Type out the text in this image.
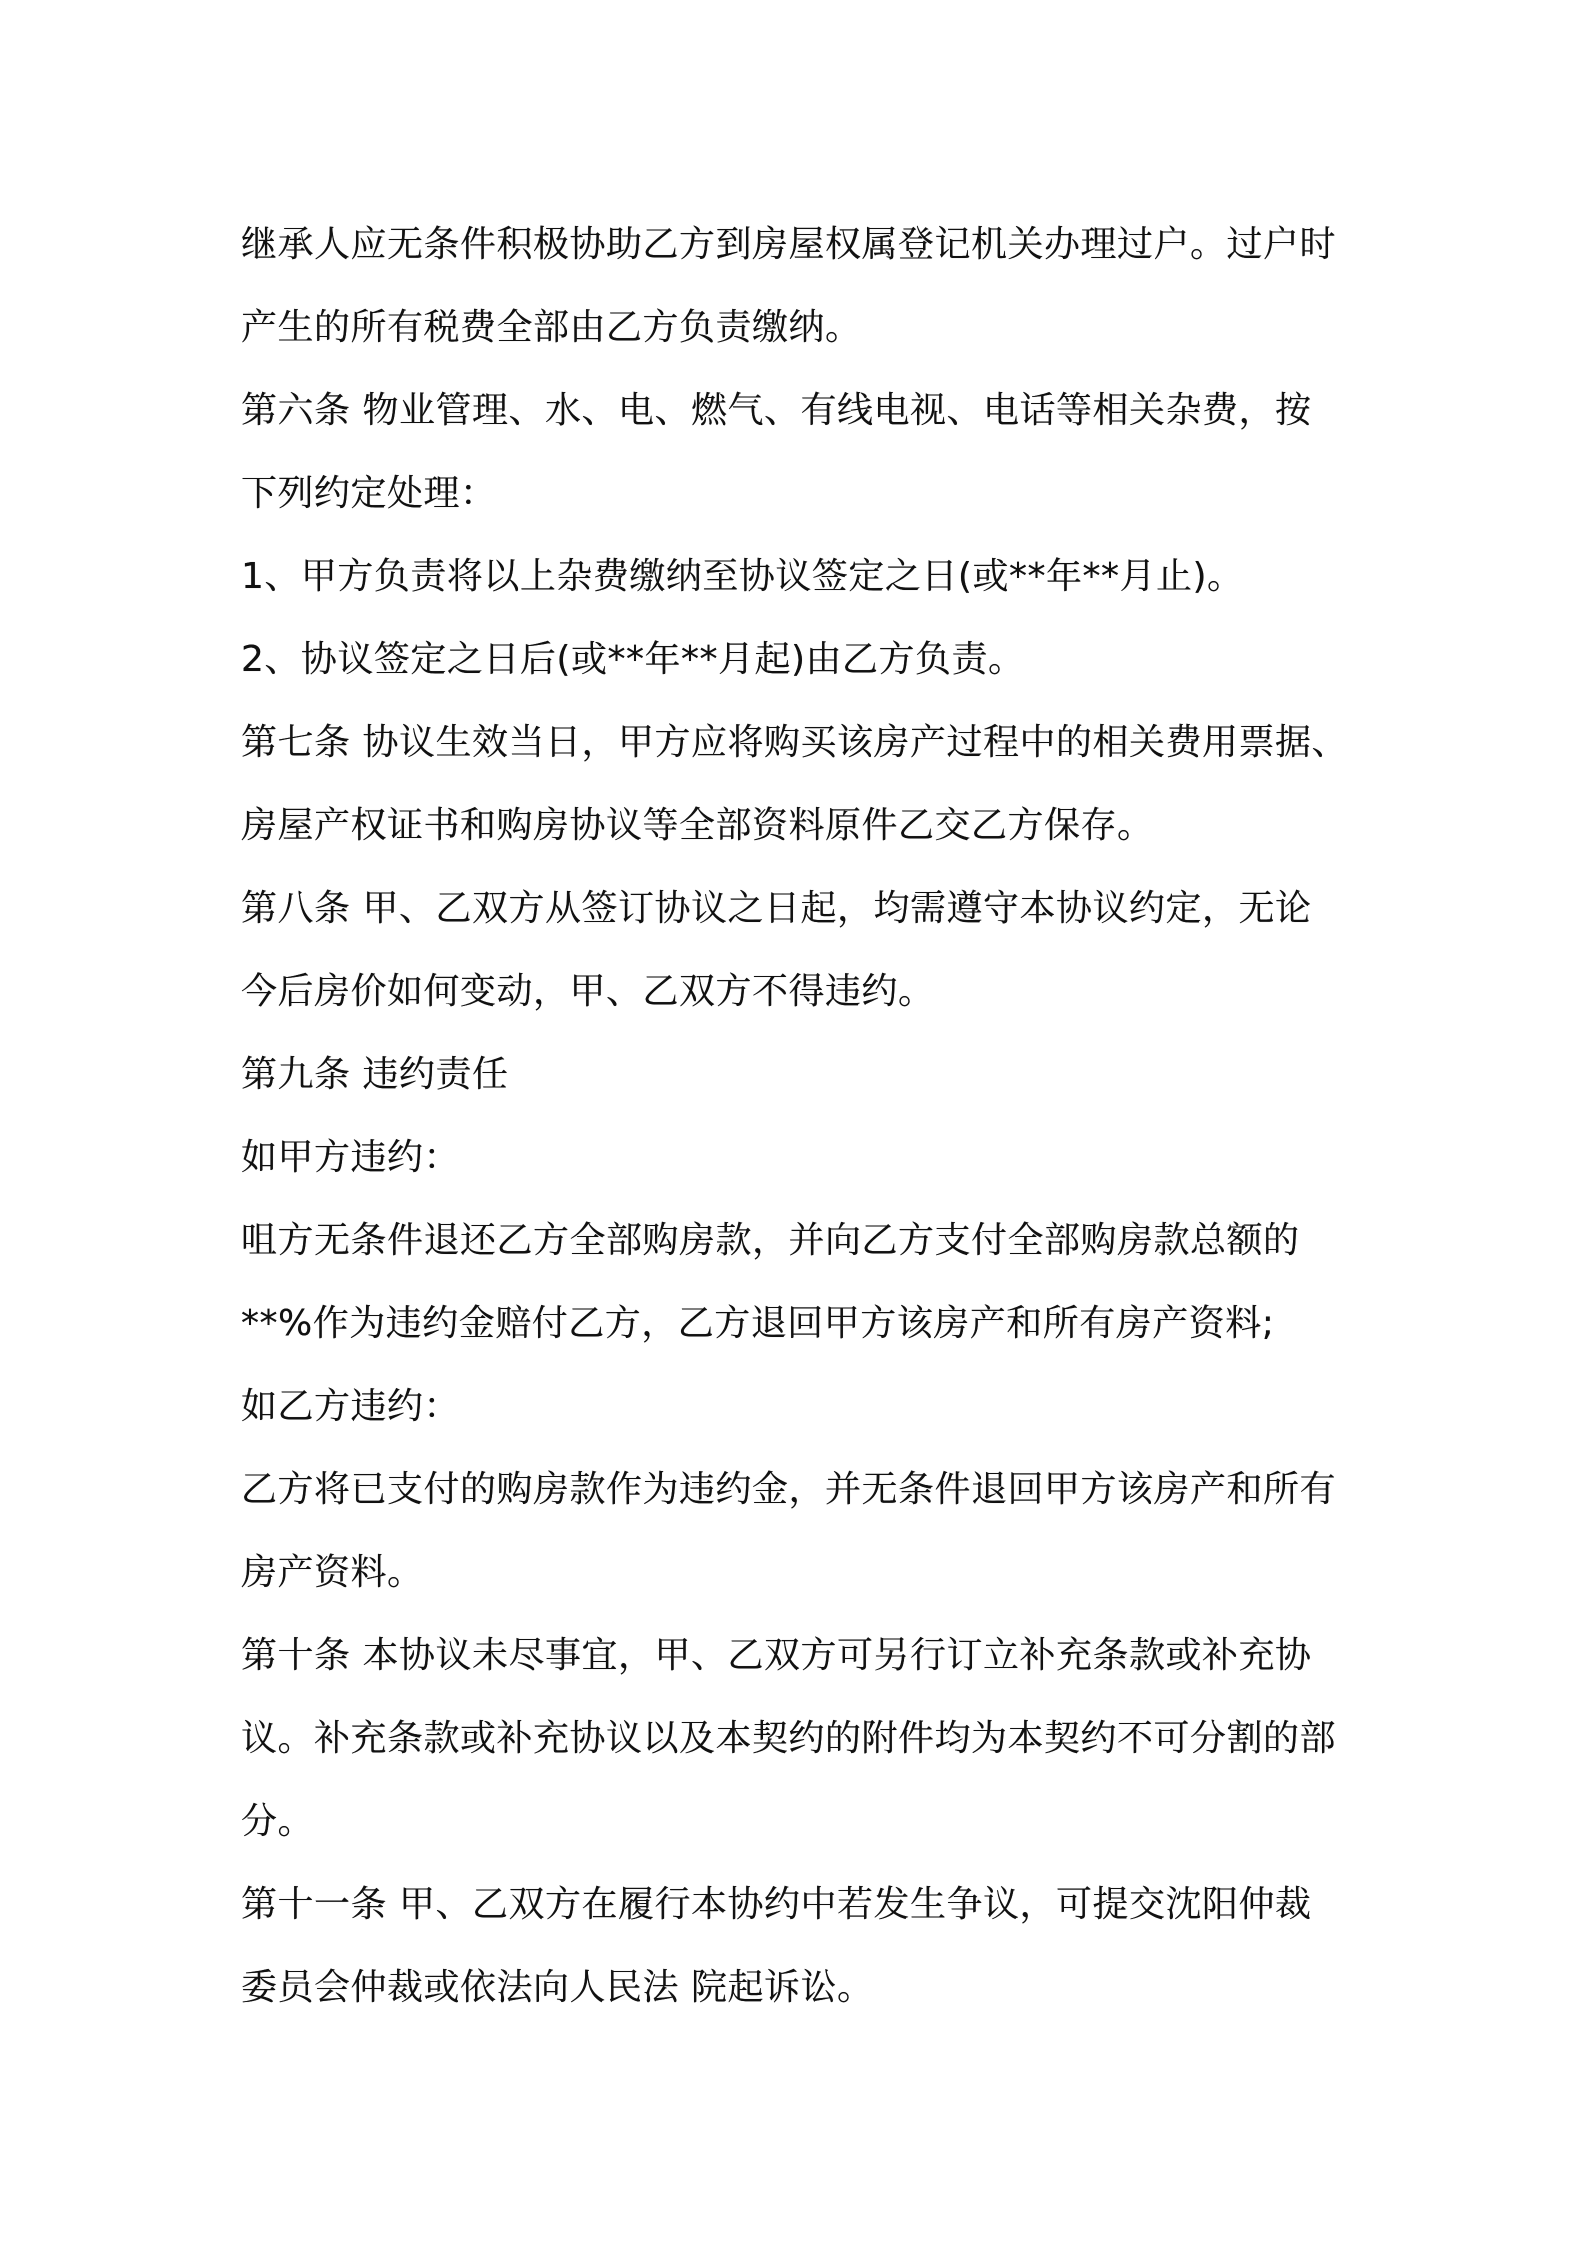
继承人应无条件积极协助乙方到房屋权属登记机关办理过户。过户时
产生的所有税费全部由乙方负责缴纳。
第六条 物业管理、水、电、燃气、有线电视、电话等相关杂费，按
下列约定处理：
1、甲方负责将以上杂费缴纳至协议签定之日(或**年**月止)。
2、协议签定之日后(或**年**月起)由乙方负责。
第七条 协议生效当日，甲方应将购买该房产过程中的相关费用票据、
房屋产权证书和购房协议等全部资料原件乙交乙方保存。
第八条 甲、乙双方从签订协议之日起，均需遵守本协议约定，无论
今后房价如何变动，甲、乙双方不得违约。
第九条 违约责任
如甲方违约：
咀方无条件退还乙方全部购房款，并向乙方支付全部购房款总额的
**%作为违约金赔付乙方，乙方退回甲方该房产和所有房产资料;
如乙方违约：
乙方将已支付的购房款作为违约金，并无条件退回甲方该房产和所有
房产资料。
第十条 本协议未尽事宜，甲、乙双方可另行订立补充条款或补充协
议。补充条款或补充协议以及本契约的附件均为本契约不可分割的部
分。
第十一条 甲、乙双方在履行本协约中若发生争议，可提交沈阳仲裁
委员会仲裁或依法向人民法 院起诉讼。
